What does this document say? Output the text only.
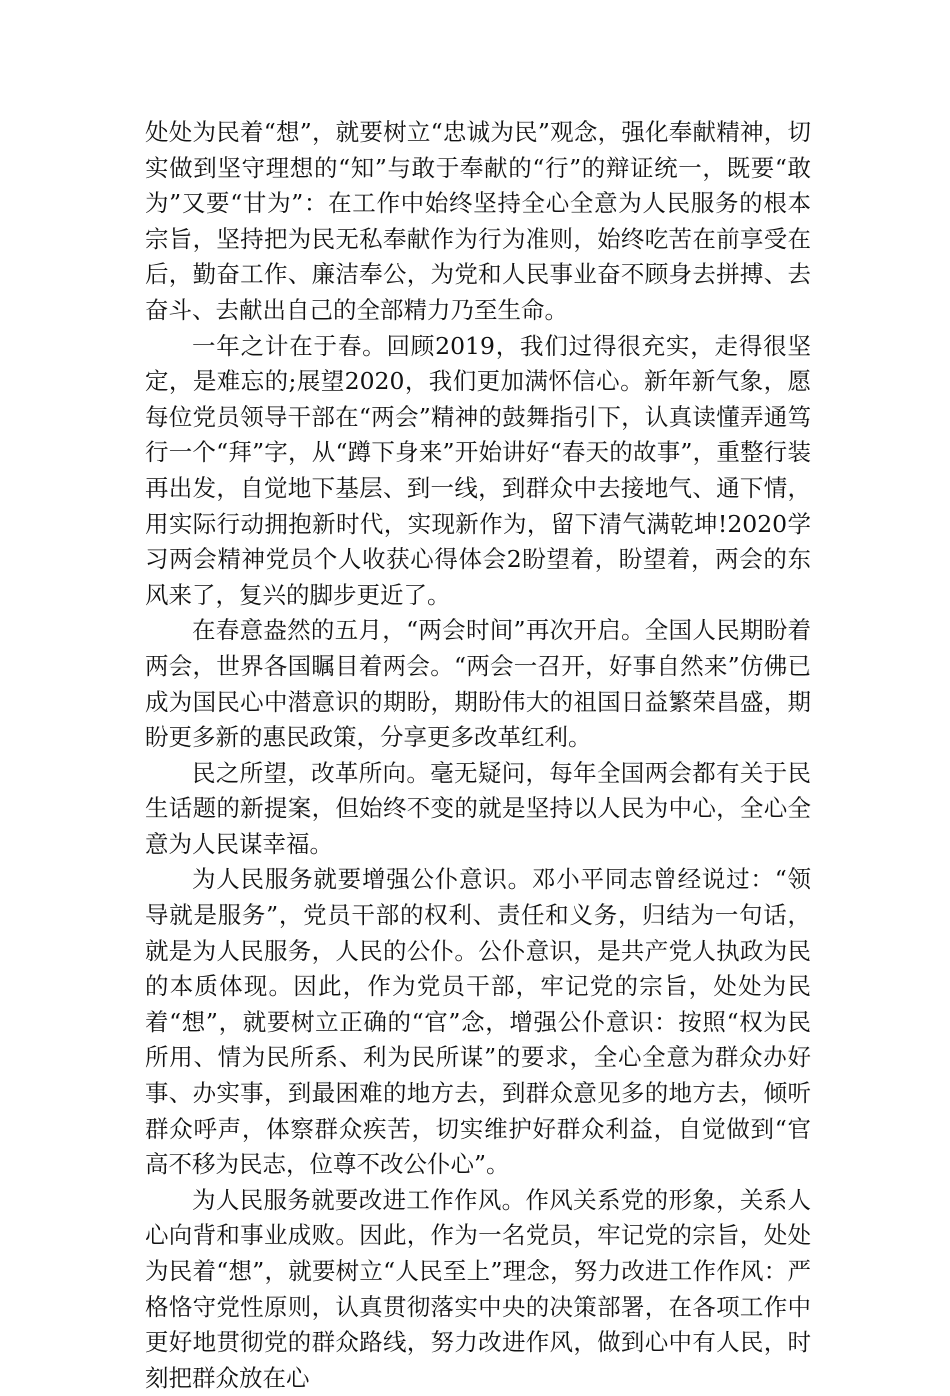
处处为民着“想”，就要树立“忠诚为民”观念，强化奉献精神，切实做到坚守理想的“知”与敢于奉献的“行”的辩证统一，既要“敢为”又要“甘为”：在工作中始终坚持全心全意为人民服务的根本宗旨，坚持把为民无私奉献作为行为准则，始终吃苦在前享受在后，勤奋工作、廉洁奉公，为党和人民事业奋不顾身去拼搏、去奋斗、去献出自己的全部精力乃至生命。

一年之计在于春。回顾2019，我们过得很充实，走得很坚定，是难忘的;展望2020，我们更加满怀信心。新年新气象，愿每位党员领导干部在“两会”精神的鼓舞指引下，认真读懂弄通笃行一个“拜”字，从“蹲下身来”开始讲好“春天的故事”，重整行装再出发，自觉地下基层、到一线，到群众中去接地气、通下情，用实际行动拥抱新时代，实现新作为，留下清气满乾坤!2020学习两会精神党员个人收获心得体会2盼望着，盼望着，两会的东风来了，复兴的脚步更近了。

在春意盎然的五月，“两会时间”再次开启。全国人民期盼着两会，世界各国瞩目着两会。“两会一召开，好事自然来”仿佛已成为国民心中潜意识的期盼，期盼伟大的祖国日益繁荣昌盛，期盼更多新的惠民政策，分享更多改革红利。

民之所望，改革所向。毫无疑问，每年全国两会都有关于民生话题的新提案，但始终不变的就是坚持以人民为中心，全心全意为人民谋幸福。

为人民服务就要增强公仆意识。邓小平同志曾经说过：“领导就是服务”，党员干部的权利、责任和义务，归结为一句话，就是为人民服务，人民的公仆。公仆意识，是共产党人执政为民的本质体现。因此，作为党员干部，牢记党的宗旨，处处为民着“想”，就要树立正确的“官”念，增强公仆意识：按照“权为民所用、情为民所系、利为民所谋”的要求，全心全意为群众办好事、办实事，到最困难的地方去，到群众意见多的地方去，倾听群众呼声，体察群众疾苦，切实维护好群众利益，自觉做到“官高不移为民志，位尊不改公仆心”。

为人民服务就要改进工作作风。作风关系党的形象，关系人心向背和事业成败。因此，作为一名党员，牢记党的宗旨，处处为民着“想”，就要树立“人民至上”理念，努力改进工作作风：严格恪守党性原则，认真贯彻落实中央的决策部署，在各项工作中更好地贯彻党的群众路线，努力改进作风，做到心中有人民，时刻把群众放在心
